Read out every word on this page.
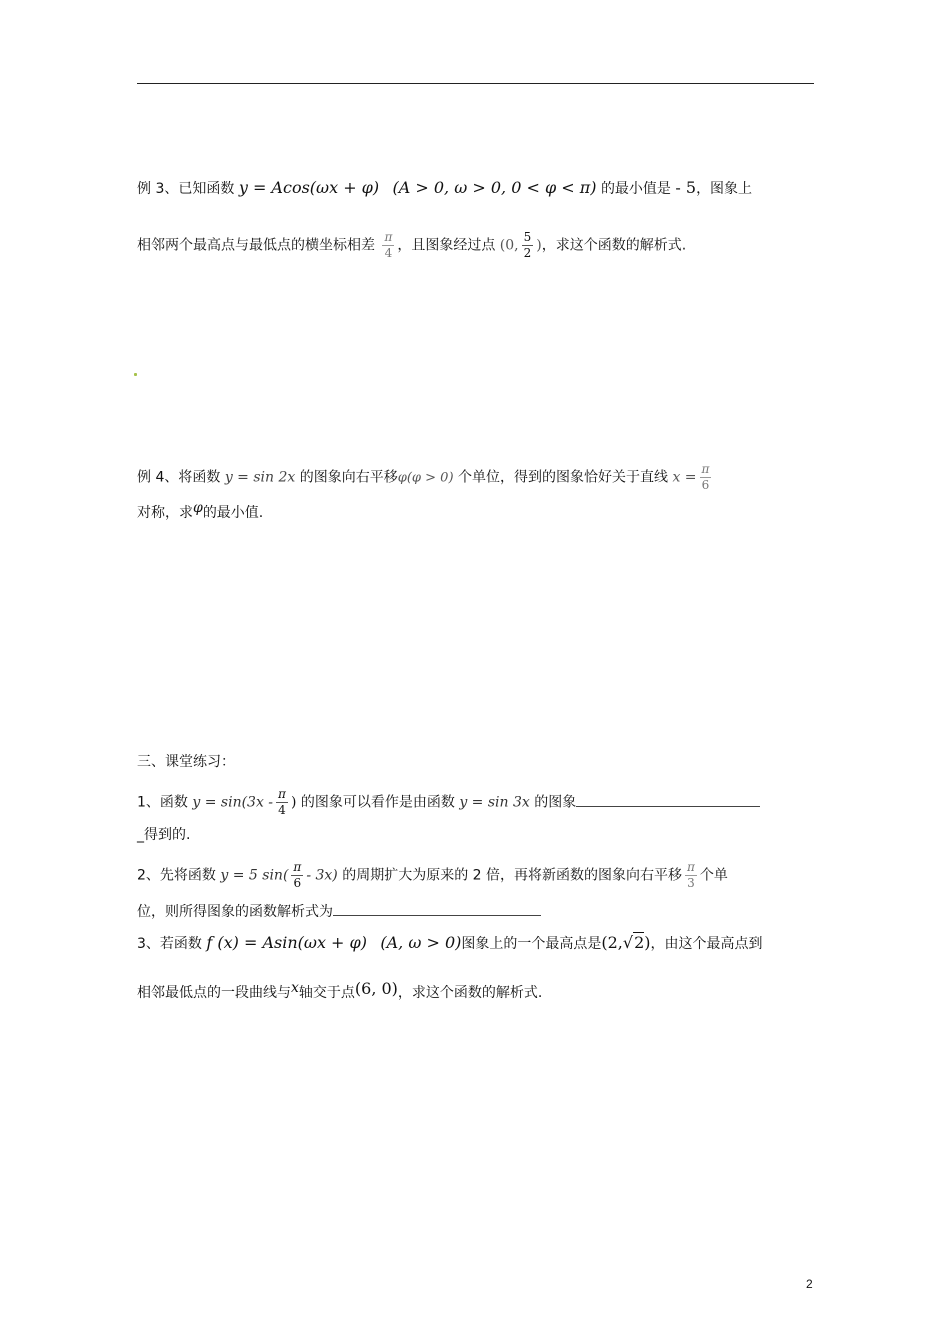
例 3、已知函数 y = Acos(ωx + φ) (A > 0, ω > 0, 0 < φ < π) 的最小值是 - 5，图象上
相邻两个最高点与最低点的横坐标相差 $\frac{\pi}{4}$ ，且图象经过点 (0, $\frac{5}{2}$ )，求这个函数的解析式.
例 4、将函数 y = sin 2x 的图象向右平移φ(φ > 0) 个单位，得到的图象恰好关于直线 $x = \frac{\pi}{6}$
对称，求φ的最小值.
三、课堂练习：
1、函数 $y = \sin(3x - \frac{\pi}{4}$ ) 的图象可以看作是由函数 y = sin 3x 的图象
_得到的.
2、先将函数 y = 5 $\sin( \frac{\pi}{6} - 3x)$ 的周期扩大为原来的 2 倍，再将新函数的图象向右平移 $\frac{\pi}{3}$ 个单
位，则所得图象的函数解析式为
3、若函数 f (x) = Asin(ωx + φ) (A, ω > 0)图象上的一个最高点是(2,√2)，由这个最高点到
相邻最低点的一段曲线与x轴交于点(6, 0)，求这个函数的解析式.
2
